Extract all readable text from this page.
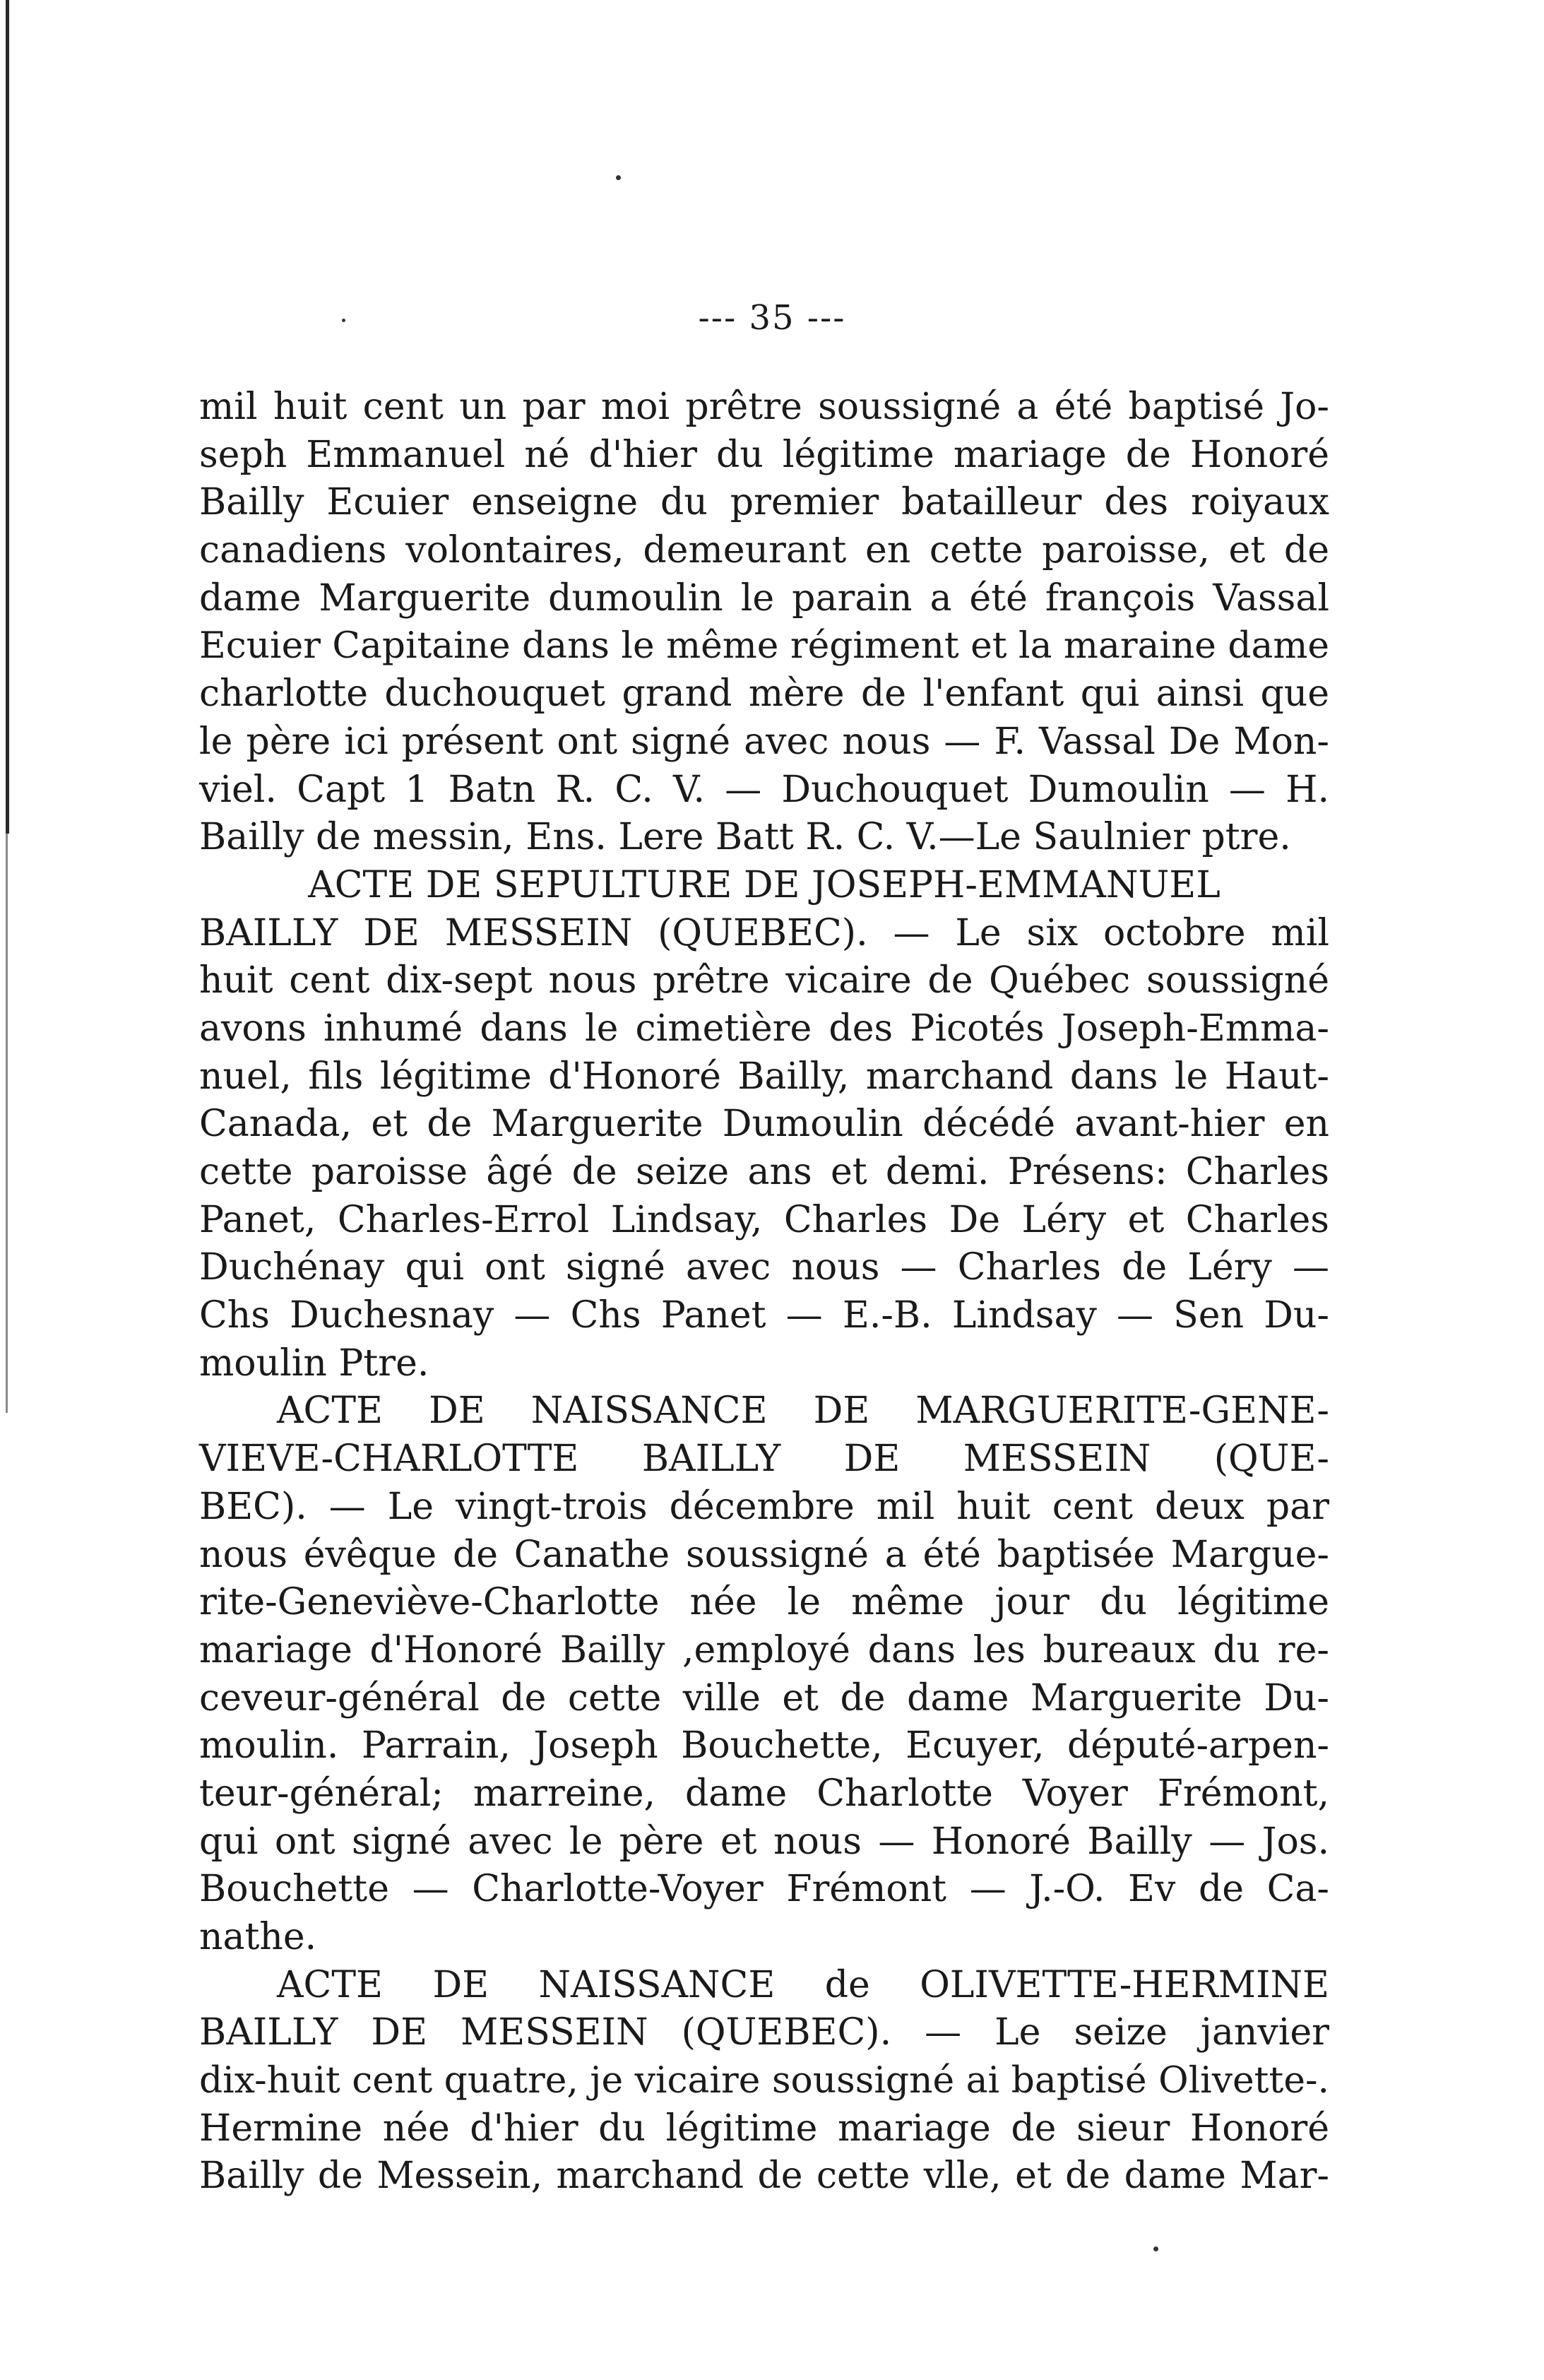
--- 35 ---
mil huit cent un par moi prêtre soussigné a été baptisé Jo-
seph Emmanuel né d'hier du légitime mariage de Honoré
Bailly Ecuier enseigne du premier batailleur des roiyaux
canadiens volontaires, demeurant en cette paroisse, et de
dame Marguerite dumoulin le parain a été françois Vassal
Ecuier Capitaine dans le même régiment et la maraine dame
charlotte duchouquet grand mère de l'enfant qui ainsi que
le père ici présent ont signé avec nous — F. Vassal De Mon-
viel. Capt 1 Batn R. C. V. — Duchouquet Dumoulin — H.
Bailly de messin, Ens. Lere Batt R. C. V.—Le Saulnier ptre.
ACTE DE SEPULTURE DE JOSEPH-EMMANUEL
BAILLY DE MESSEIN (QUEBEC). — Le six octobre mil
huit cent dix-sept nous prêtre vicaire de Québec soussigné
avons inhumé dans le cimetière des Picotés Joseph-Emma-
nuel, fils légitime d'Honoré Bailly, marchand dans le Haut-
Canada, et de Marguerite Dumoulin décédé avant-hier en
cette paroisse âgé de seize ans et demi. Présens: Charles
Panet, Charles-Errol Lindsay, Charles De Léry et Charles
Duchénay qui ont signé avec nous — Charles de Léry —
Chs Duchesnay — Chs Panet — E.-B. Lindsay — Sen Du-
moulin Ptre.
ACTE DE NAISSANCE DE MARGUERITE-GENE-
VIEVE-CHARLOTTE BAILLY DE MESSEIN (QUE-
BEC). — Le vingt-trois décembre mil huit cent deux par
nous évêque de Canathe soussigné a été baptisée Margue-
rite-Geneviève-Charlotte née le même jour du légitime
mariage d'Honoré Bailly ,employé dans les bureaux du re-
ceveur-général de cette ville et de dame Marguerite Du-
moulin. Parrain, Joseph Bouchette, Ecuyer, député-arpen-
teur-général; marreine, dame Charlotte Voyer Frémont,
qui ont signé avec le père et nous — Honoré Bailly — Jos.
Bouchette — Charlotte-Voyer Frémont — J.-O. Ev de Ca-
nathe.
ACTE DE NAISSANCE de OLIVETTE-HERMINE
BAILLY DE MESSEIN (QUEBEC). — Le seize janvier
dix-huit cent quatre, je vicaire soussigné ai baptisé Olivette-.
Hermine née d'hier du légitime mariage de sieur Honoré
Bailly de Messein, marchand de cette vlle, et de dame Mar-
